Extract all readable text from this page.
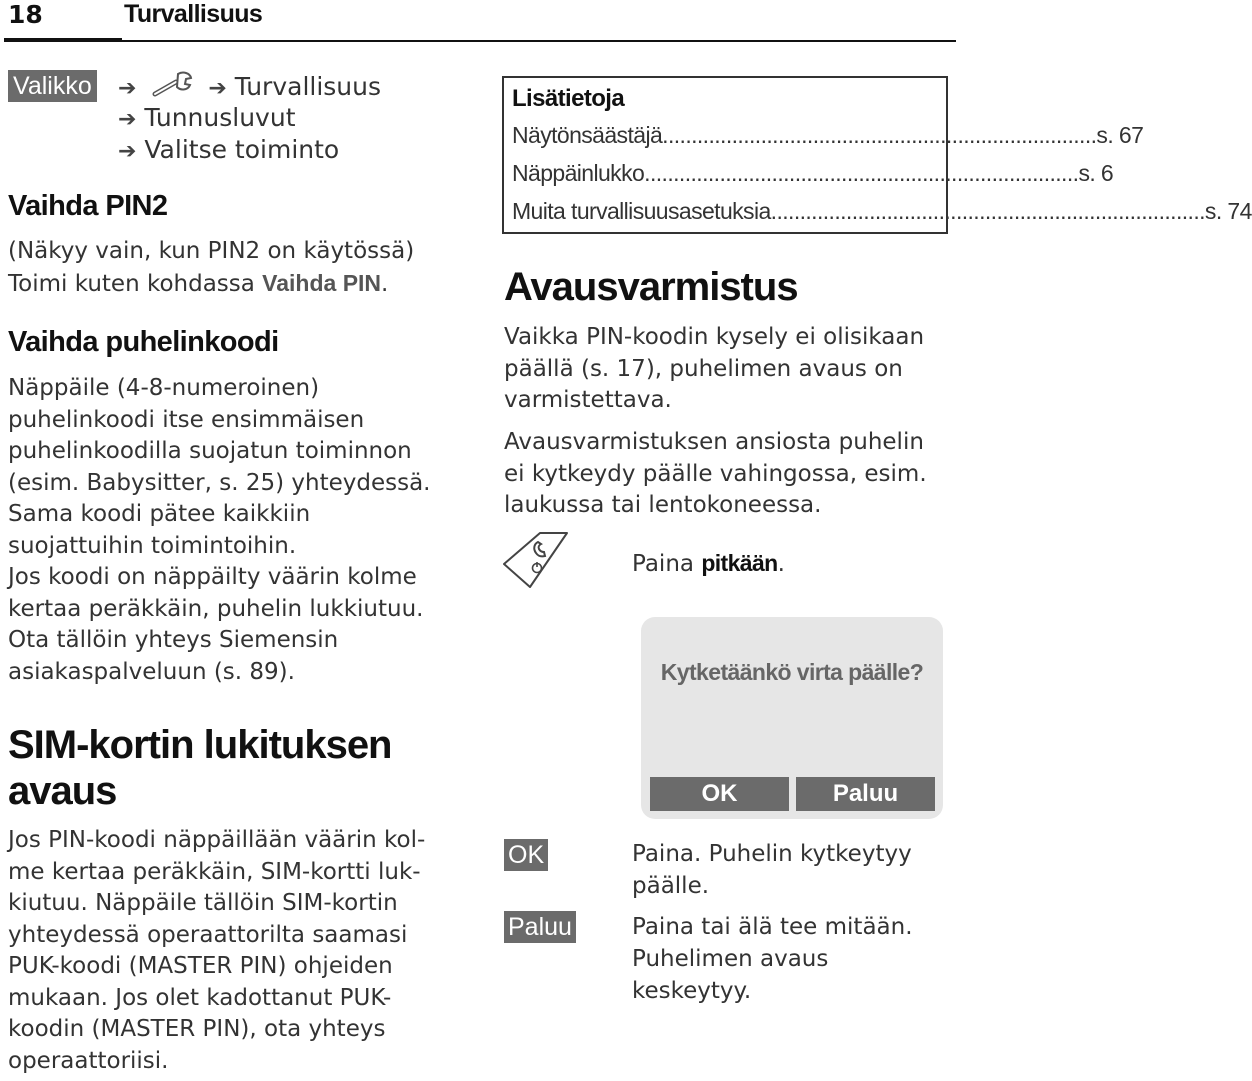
18	Turvallisuus
Valikko ➔	➔ Turvallisuus
➔ Tunnusluvut
➔ Valitse toiminto
Vaihda PIN2

(Näkyy vain, kun PIN2 on käytössä)

Toimi kuten kohdassa Vaihda PIN.

Vaihda puhelinkoodi

Näppäile (4-8-numeroinen)

puhelinkoodi itse ensimmäisen

puhelinkoodilla suojatun toiminnon

(esim. Babysitter, s. 25) yhteydessä.

Sama koodi pätee kaikkiin

suojattuihin toimintoihin.

Jos koodi on näppäilty väärin kolme

kertaa peräkkäin, puhelin lukkiutuu.

Ota tällöin yhteys Siemensin

asiakaspalveluun (s. 89).

SIM-kortin lukituksen
avaus

Jos PIN-koodi näppäillään väärin kol-

me kertaa peräkkäin, SIM-kortti luk-

kiutuu. Näppäile tällöin SIM-kortin

yhteydessä operaattorilta saamasi

PUK-koodi (MASTER PIN) ohjeiden

mukaan. Jos olet kadottanut PUK-

koodin (MASTER PIN), ota yhteys

operaattoriisi.

Lisätietoja
Näytönsäästäjä ........................................................................... s. 67
Näppäinlukko ........................................................................... s. 6
Muita turvallisuusasetuksia ........................................................................... s. 74
Avausvarmistus

Vaikka PIN-koodin kysely ei olisikaan

päällä (s. 17), puhelimen avaus on

varmistettava.

Avausvarmistuksen ansiosta puhelin

ei kytkeydy päälle vahingossa, esim.

laukussa tai lentokoneessa.

Paina pitkään.
Kytketäänkö virta päälle?
OK	Paluu
OK	Paina. Puhelin kytkeytyy
päälle.
Paluu	Paina tai älä tee mitään.
Puhelimen avaus
keskeytyy.
